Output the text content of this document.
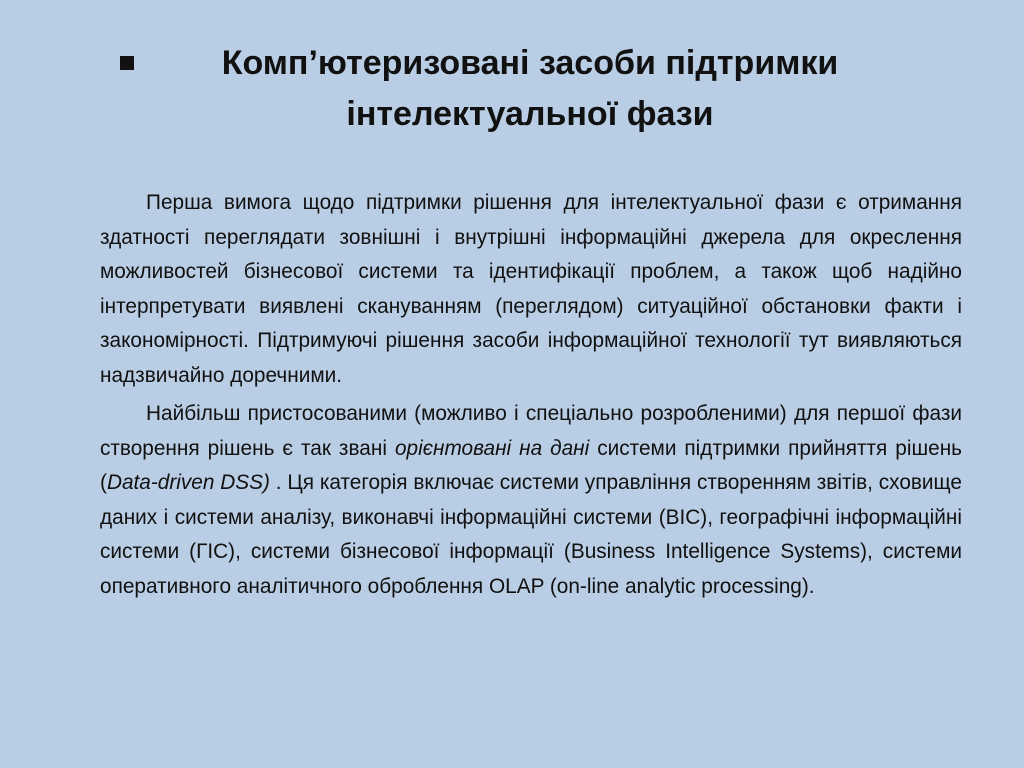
Комп’ютеризовані засоби підтримки інтелектуальної фази

Перша вимога щодо підтримки рішення для інтелектуальної фази є отримання здатності переглядати зовнішні і внутрішні інформаційні джерела для окреслення можливостей бізнесової системи та ідентифікації проблем, а також щоб надійно інтерпретувати виявлені скануванням (переглядом) ситуаційної обстановки факти і закономірності. Підтримуючі рішення засоби інформаційної технології тут виявляються надзвичайно доречними.

Найбільш пристосованими (можливо і спеціально розробленими) для першої фази створення рішень є так звані орієнтовані на дані системи підтримки прийняття рішень (Data-driven DSS) . Ця категорія включає системи управління створенням звітів, сховище даних і системи аналізу, виконавчі інформаційні системи (ВІС), географічні інформаційні системи (ГІС), системи бізнесової інформації (Business Intelligence Systems), системи оперативного аналітичного оброблення OLAP (on-line analytic processing).
